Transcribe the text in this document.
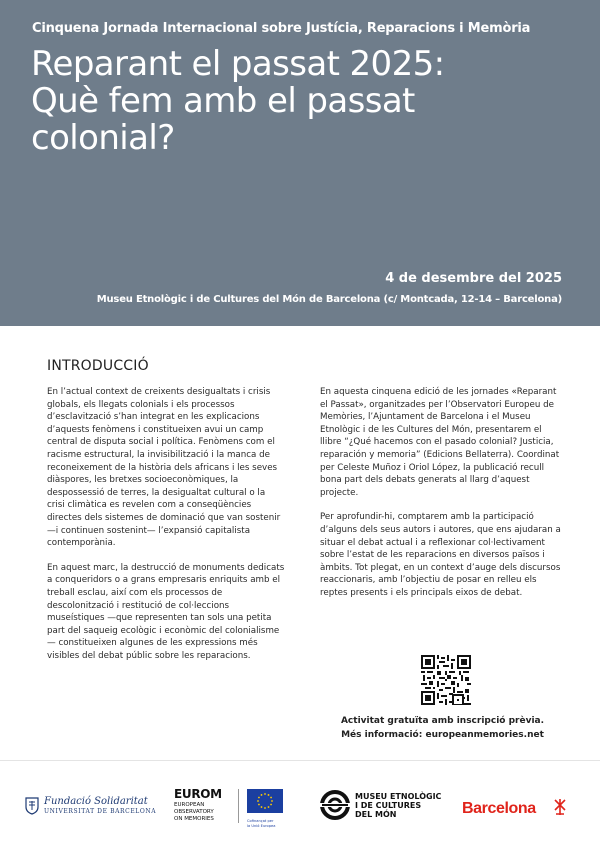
Cinquena Jornada Internacional sobre Justícia, Reparacions i Memòria
Reparant el passat 2025:
Què fem amb el passat
colonial?
4 de desembre del 2025
Museu Etnològic i de Cultures del Món de Barcelona (c/ Montcada, 12-14 – Barcelona)
INTRODUCCIÓ

En l’actual context de creixents desigualtats i crisis globals, els llegats colonials i els processos d’esclavització s’han integrat en les explicacions d’aquests fenòmens i constitueixen avui un camp central de disputa social i política. Fenòmens com el racisme estructural, la invisibilització i la manca de reconeixement de la història dels africans i les seves diàspores, les bretxes socioeconòmiques, la despossessió de terres, la desigualtat cultural o la crisi climàtica es revelen com a conseqüències directes dels sistemes de dominació que van sostenir —i continuen sostenint— l’expansió capitalista contemporània.

En aquest marc, la destrucció de monuments dedicats a conqueridors o a grans empresaris enriquits amb el treball esclau, així com els processos de descolonització i restitució de col·leccions museístiques —que representen tan sols una petita part del saqueig ecològic i econòmic del colonialisme— constitueixen algunes de les expressions més visibles del debat públic sobre les reparacions.

En aquesta cinquena edició de les jornades «Reparant el Passat», organitzades per l’Observatori Europeu de Memòries, l’Ajuntament de Barcelona i el Museu Etnològic i de les Cultures del Món, presentarem el llibre “¿Qué hacemos con el pasado colonial? Justicia, reparación y memoria” (Edicions Bellaterra). Coordinat per Celeste Muñoz i Oriol López, la publicació recull bona part dels debats generats al llarg d’aquest projecte.

Per aprofundir-hi, comptarem amb la participació d’alguns dels seus autors i autores, que ens ajudaran a situar el debat actual i a reflexionar col·lectivament sobre l’estat de les reparacions en diversos països i àmbits. Tot plegat, en un context d’auge dels discursos reaccionaris, amb l’objectiu de posar en relleu els reptes presents i els principals eixos de debat.

Activitat gratuïta amb inscripció prèvia.
Més informació: europeanmemories.net
Fundació Solidaritat
UNIVERSITAT DE BARCELONA
EUROM
EUROPEAN
OBSERVATORY
ON MEMORIES	Cofinançat per
la Unió Europea
MUSEU ETNOLÒGIC
I DE CULTURES
DEL MÓN	Barcelona
